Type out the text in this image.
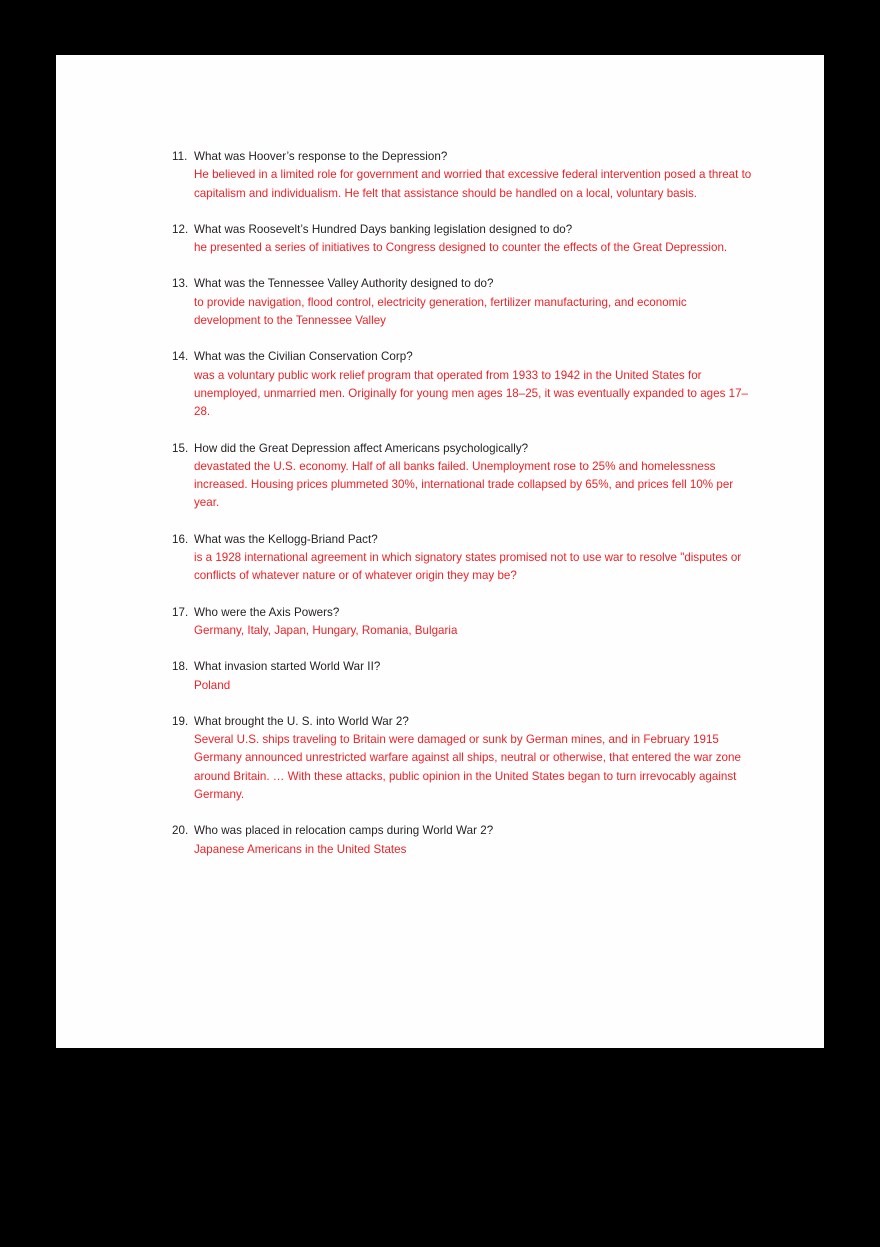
11. What was Hoover’s response to the Depression?

He believed in a limited role for government and worried that excessive federal intervention posed a threat to capitalism and individualism. He felt that assistance should be handled on a local, voluntary basis.

12. What was Roosevelt’s Hundred Days banking legislation designed to do?

he presented a series of initiatives to Congress designed to counter the effects of the Great Depression.

13. What was the Tennessee Valley Authority designed to do?

to provide navigation, flood control, electricity generation, fertilizer manufacturing, and economic development to the Tennessee Valley

14. What was the Civilian Conservation Corp?

was a voluntary public work relief program that operated from 1933 to 1942 in the United States for unemployed, unmarried men. Originally for young men ages 18–25, it was eventually expanded to ages 17–28.

15. How did the Great Depression affect Americans psychologically?

devastated the U.S. economy. Half of all banks failed. Unemployment rose to 25% and homelessness increased. Housing prices plummeted 30%, international trade collapsed by 65%, and prices fell 10% per year.

16. What was the Kellogg-Briand Pact?

is a 1928 international agreement in which signatory states promised not to use war to resolve "disputes or conflicts of whatever nature or of whatever origin they may be?

17. Who were the Axis Powers?

Germany, Italy, Japan, Hungary, Romania, Bulgaria

18. What invasion started World War II?

Poland

19. What brought the U. S. into World War 2?

Several U.S. ships traveling to Britain were damaged or sunk by German mines, and in February 1915 Germany announced unrestricted warfare against all ships, neutral or otherwise, that entered the war zone around Britain. … With these attacks, public opinion in the United States began to turn irrevocably against Germany.

20. Who was placed in relocation camps during World War 2?

Japanese Americans in the United States
